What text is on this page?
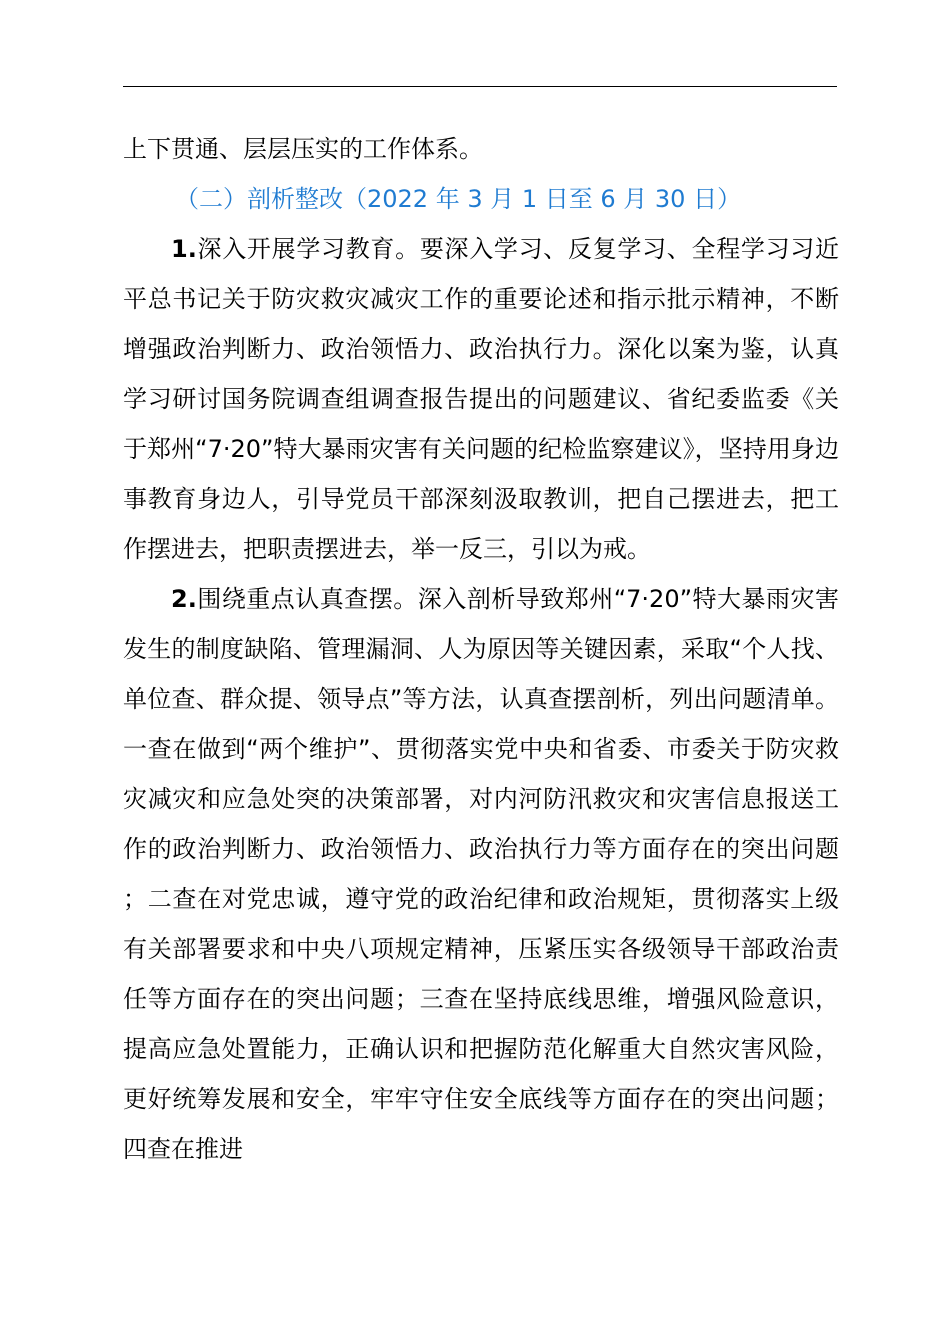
上下贯通、层层压实的工作体系。

（二）剖析整改（2022 年 3 月 1 日至 6 月 30 日）

1.深入开展学习教育。要深入学习、反复学习、全程学习习近平总书记关于防灾救灾减灾工作的重要论述和指示批示精神，不断增强政治判断力、政治领悟力、政治执行力。深化以案为鉴，认真学习研讨国务院调查组调查报告提出的问题建议、省纪委监委《关于郑州“7·20”特大暴雨灾害有关问题的纪检监察建议》，坚持用身边事教育身边人，引导党员干部深刻汲取教训，把自己摆进去，把工作摆进去，把职责摆进去，举一反三，引以为戒。

2.围绕重点认真查摆。深入剖析导致郑州“7·20”特大暴雨灾害发生的制度缺陷、管理漏洞、人为原因等关键因素，采取“个人找、单位查、群众提、领导点”等方法，认真查摆剖析，列出问题清单。一查在做到“两个维护”、贯彻落实党中央和省委、市委关于防灾救灾减灾和应急处突的决策部署，对内河防汛救灾和灾害信息报送工作的政治判断力、政治领悟力、政治执行力等方面存在的突出问题；二查在对党忠诚，遵守党的政治纪律和政治规矩，贯彻落实上级有关部署要求和中央八项规定精神，压紧压实各级领导干部政治责任等方面存在的突出问题；三查在坚持底线思维，增强风险意识，提高应急处置能力，正确认识和把握防范化解重大自然灾害风险，更好统筹发展和安全，牢牢守住安全底线等方面存在的突出问题；四查在推进
